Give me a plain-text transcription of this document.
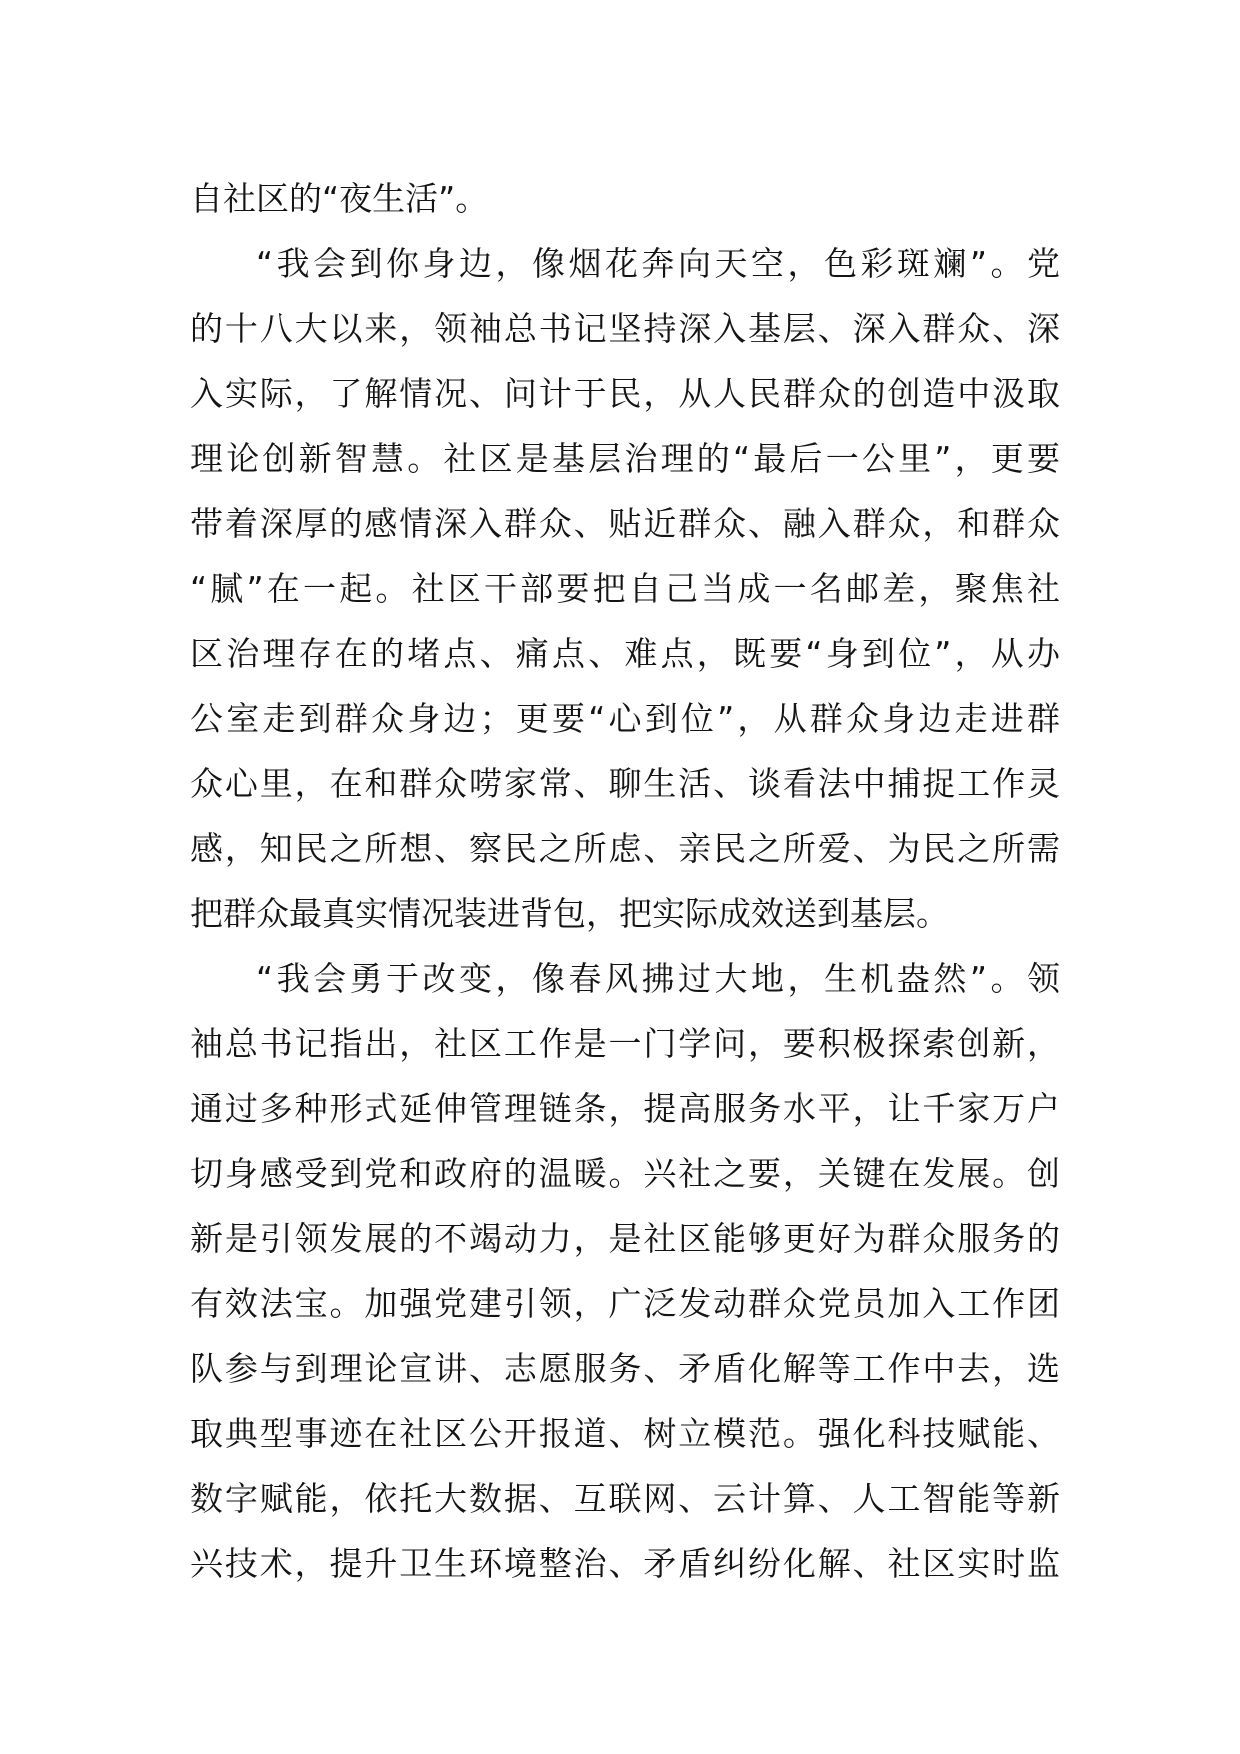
自社区的“夜生活”。
“我会到你身边，像烟花奔向天空，色彩斑斓”。党
的十八大以来，领袖总书记坚持深入基层、深入群众、深
入实际，了解情况、问计于民，从人民群众的创造中汲取
理论创新智慧。社区是基层治理的“最后一公里”，更要
带着深厚的感情深入群众、贴近群众、融入群众，和群众
“腻”在一起。社区干部要把自己当成一名邮差，聚焦社
区治理存在的堵点、痛点、难点，既要“身到位”，从办
公室走到群众身边；更要“心到位”，从群众身边走进群
众心里，在和群众唠家常、聊生活、谈看法中捕捉工作灵
感，知民之所想、察民之所虑、亲民之所爱、为民之所需
把群众最真实情况装进背包，把实际成效送到基层。
“我会勇于改变，像春风拂过大地，生机盎然”。领
袖总书记指出，社区工作是一门学问，要积极探索创新，
通过多种形式延伸管理链条，提高服务水平，让千家万户
切身感受到党和政府的温暖。兴社之要，关键在发展。创
新是引领发展的不竭动力，是社区能够更好为群众服务的
有效法宝。加强党建引领，广泛发动群众党员加入工作团
队参与到理论宣讲、志愿服务、矛盾化解等工作中去，选
取典型事迹在社区公开报道、树立模范。强化科技赋能、
数字赋能，依托大数据、互联网、云计算、人工智能等新
兴技术，提升卫生环境整治、矛盾纠纷化解、社区实时监
